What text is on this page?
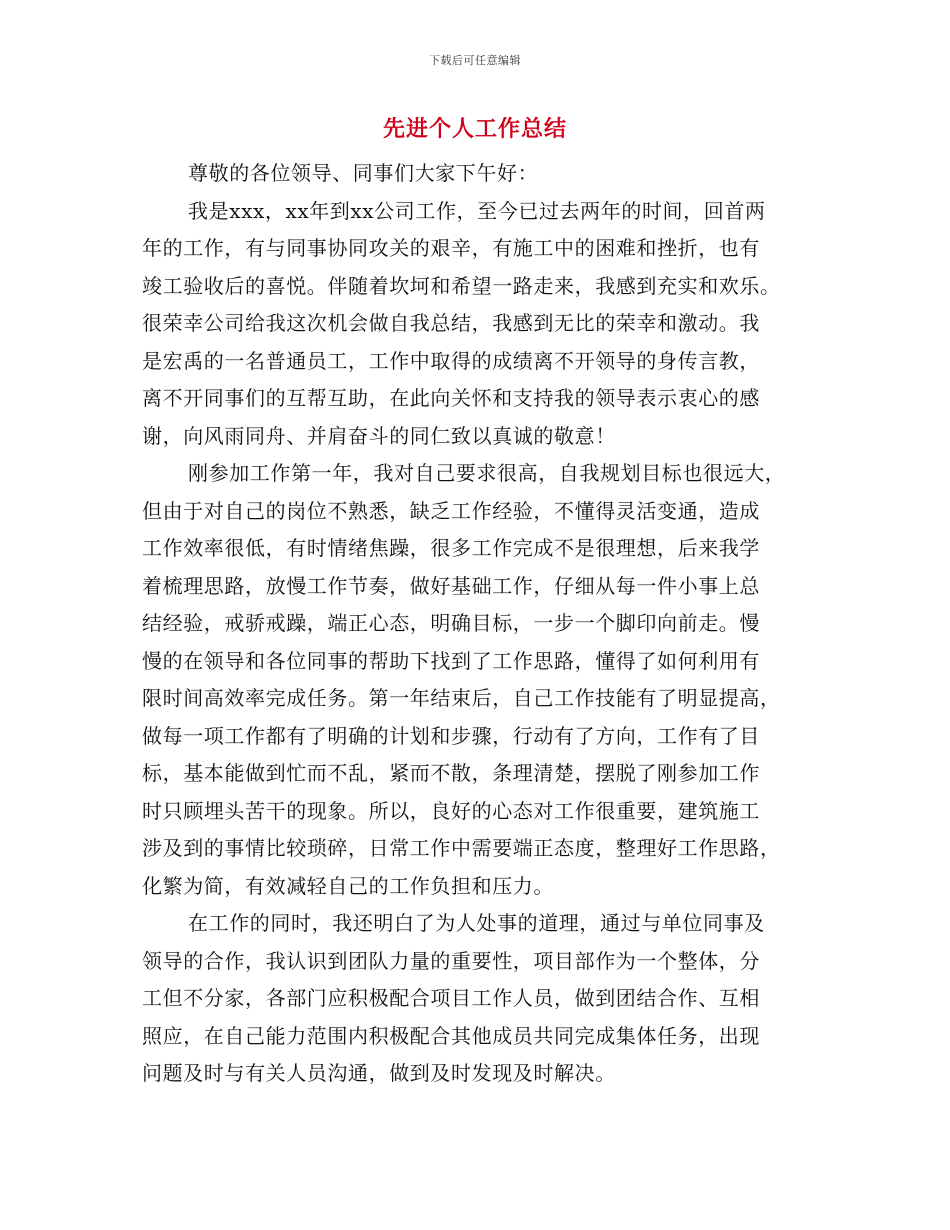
下载后可任意编辑
先进个人工作总结
尊敬的各位领导、同事们大家下午好：
我是xxx，xx年到xx公司工作，至今已过去两年的时间，回首两
年的工作，有与同事协同攻关的艰辛，有施工中的困难和挫折，也有
竣工验收后的喜悦。伴随着坎坷和希望一路走来，我感到充实和欢乐。
很荣幸公司给我这次机会做自我总结，我感到无比的荣幸和激动。我
是宏禹的一名普通员工，工作中取得的成绩离不开领导的身传言教，
离不开同事们的互帮互助，在此向关怀和支持我的领导表示衷心的感
谢，向风雨同舟、并肩奋斗的同仁致以真诚的敬意！
刚参加工作第一年，我对自己要求很高，自我规划目标也很远大，
但由于对自己的岗位不熟悉，缺乏工作经验，不懂得灵活变通，造成
工作效率很低，有时情绪焦躁，很多工作完成不是很理想，后来我学
着梳理思路，放慢工作节奏，做好基础工作，仔细从每一件小事上总
结经验，戒骄戒躁，端正心态，明确目标，一步一个脚印向前走。慢
慢的在领导和各位同事的帮助下找到了工作思路，懂得了如何利用有
限时间高效率完成任务。第一年结束后，自己工作技能有了明显提高，
做每一项工作都有了明确的计划和步骤，行动有了方向，工作有了目
标，基本能做到忙而不乱，紧而不散，条理清楚，摆脱了刚参加工作
时只顾埋头苦干的现象。所以，良好的心态对工作很重要，建筑施工
涉及到的事情比较琐碎，日常工作中需要端正态度，整理好工作思路，
化繁为简，有效减轻自己的工作负担和压力。
在工作的同时，我还明白了为人处事的道理，通过与单位同事及
领导的合作，我认识到团队力量的重要性，项目部作为一个整体，分
工但不分家，各部门应积极配合项目工作人员，做到团结合作、互相
照应，在自己能力范围内积极配合其他成员共同完成集体任务，出现
问题及时与有关人员沟通，做到及时发现及时解决。
